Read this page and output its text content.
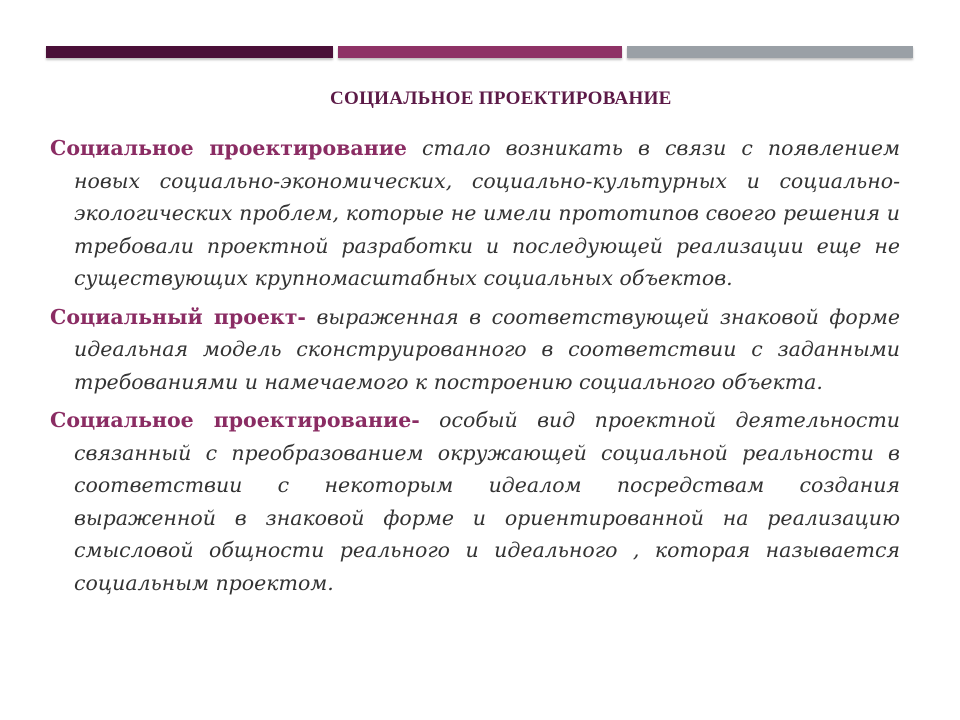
СОЦИАЛЬНОЕ ПРОЕКТИРОВАНИЕ

Социальное проектирование стало возникать в связи с появлением новых социально-экономических, социально-культурных и социально-экологических проблем, которые не имели прототипов своего решения и требовали проектной разработки и последующей реализации еще не существующих крупномасштабных социальных объектов.

Социальный проект- выраженная в соответствующей знаковой форме идеальная модель сконструированного в соответствии с заданными требованиями и намечаемого к построению социального объекта.

Социальное проектирование- особый вид проектной деятельности связанный с преобразованием окружающей социальной реальности в соответствии с некоторым идеалом посредствам создания выраженной в знаковой форме и ориентированной на реализацию смысловой общности реального и идеального , которая называется социальным проектом.
